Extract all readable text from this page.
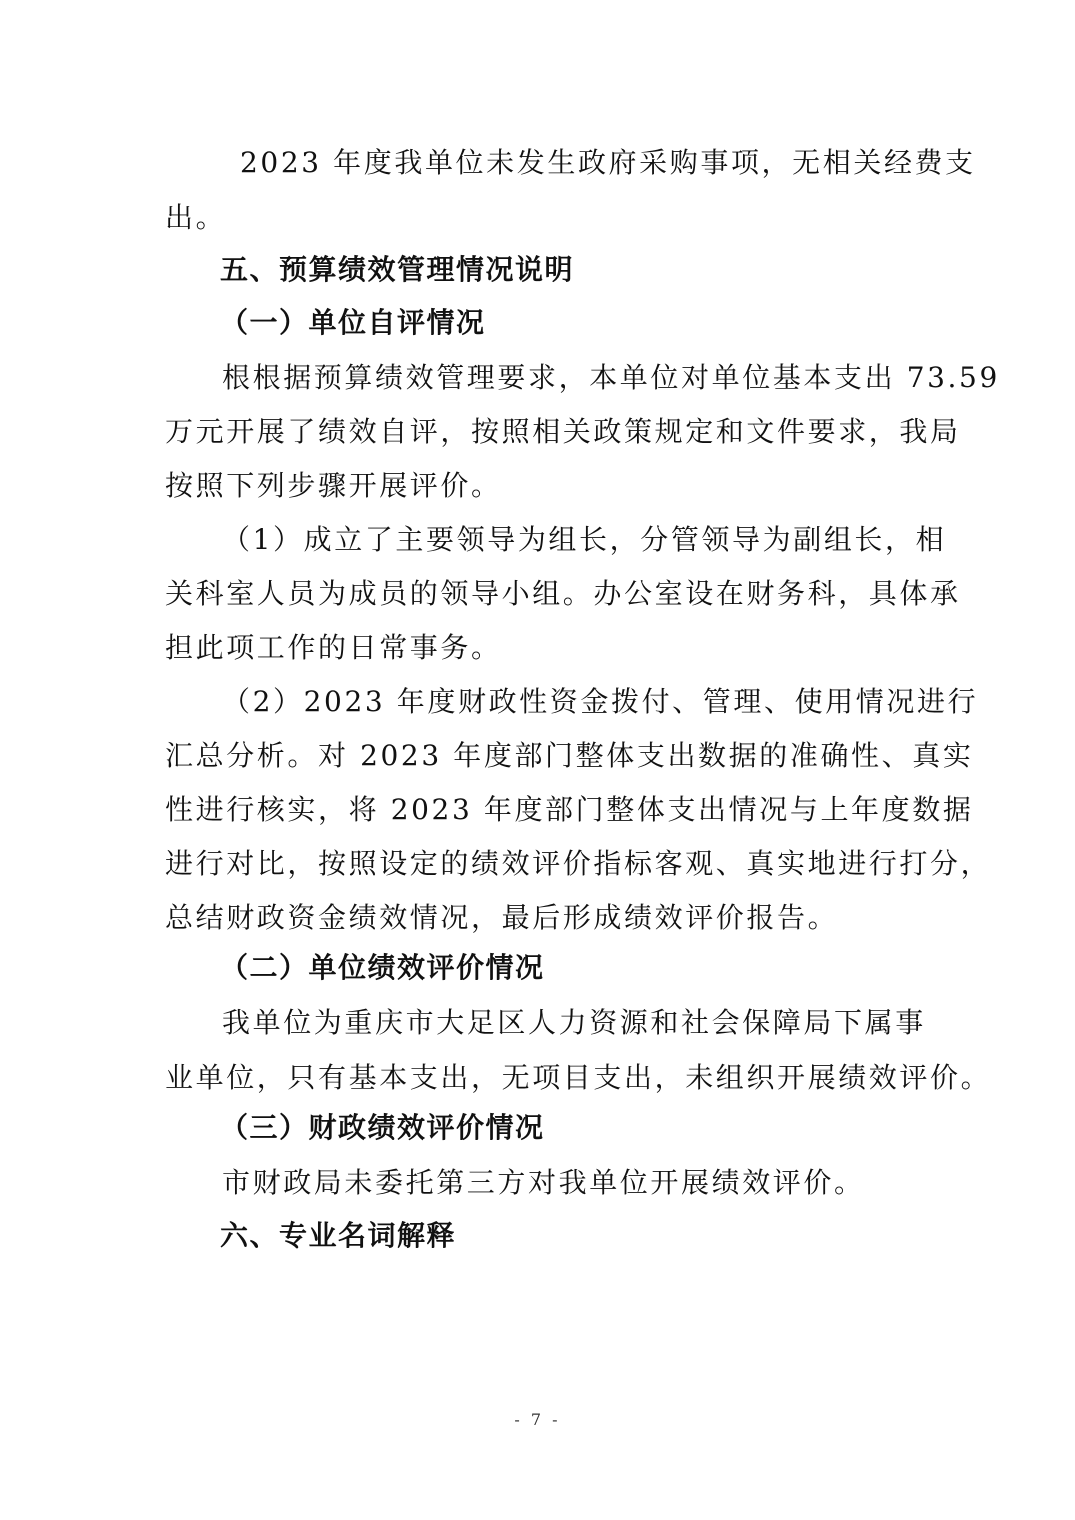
2023 年度我单位未发生政府采购事项，无相关经费支
出。
五、预算绩效管理情况说明
（一）单位自评情况
根根据预算绩效管理要求，本单位对单位基本支出 73.59
万元开展了绩效自评，按照相关政策规定和文件要求，我局
按照下列步骤开展评价。
（1）成立了主要领导为组长，分管领导为副组长，相
关科室人员为成员的领导小组。办公室设在财务科，具体承
担此项工作的日常事务。
（2）2023 年度财政性资金拨付、管理、使用情况进行
汇总分析。对 2023 年度部门整体支出数据的准确性、真实
性进行核实，将 2023 年度部门整体支出情况与上年度数据
进行对比，按照设定的绩效评价指标客观、真实地进行打分，
总结财政资金绩效情况，最后形成绩效评价报告。
（二）单位绩效评价情况
我单位为重庆市大足区人力资源和社会保障局下属事
业单位，只有基本支出，无项目支出，未组织开展绩效评价。
（三）财政绩效评价情况
市财政局未委托第三方对我单位开展绩效评价。
六、专业名词解释
- 7 -
